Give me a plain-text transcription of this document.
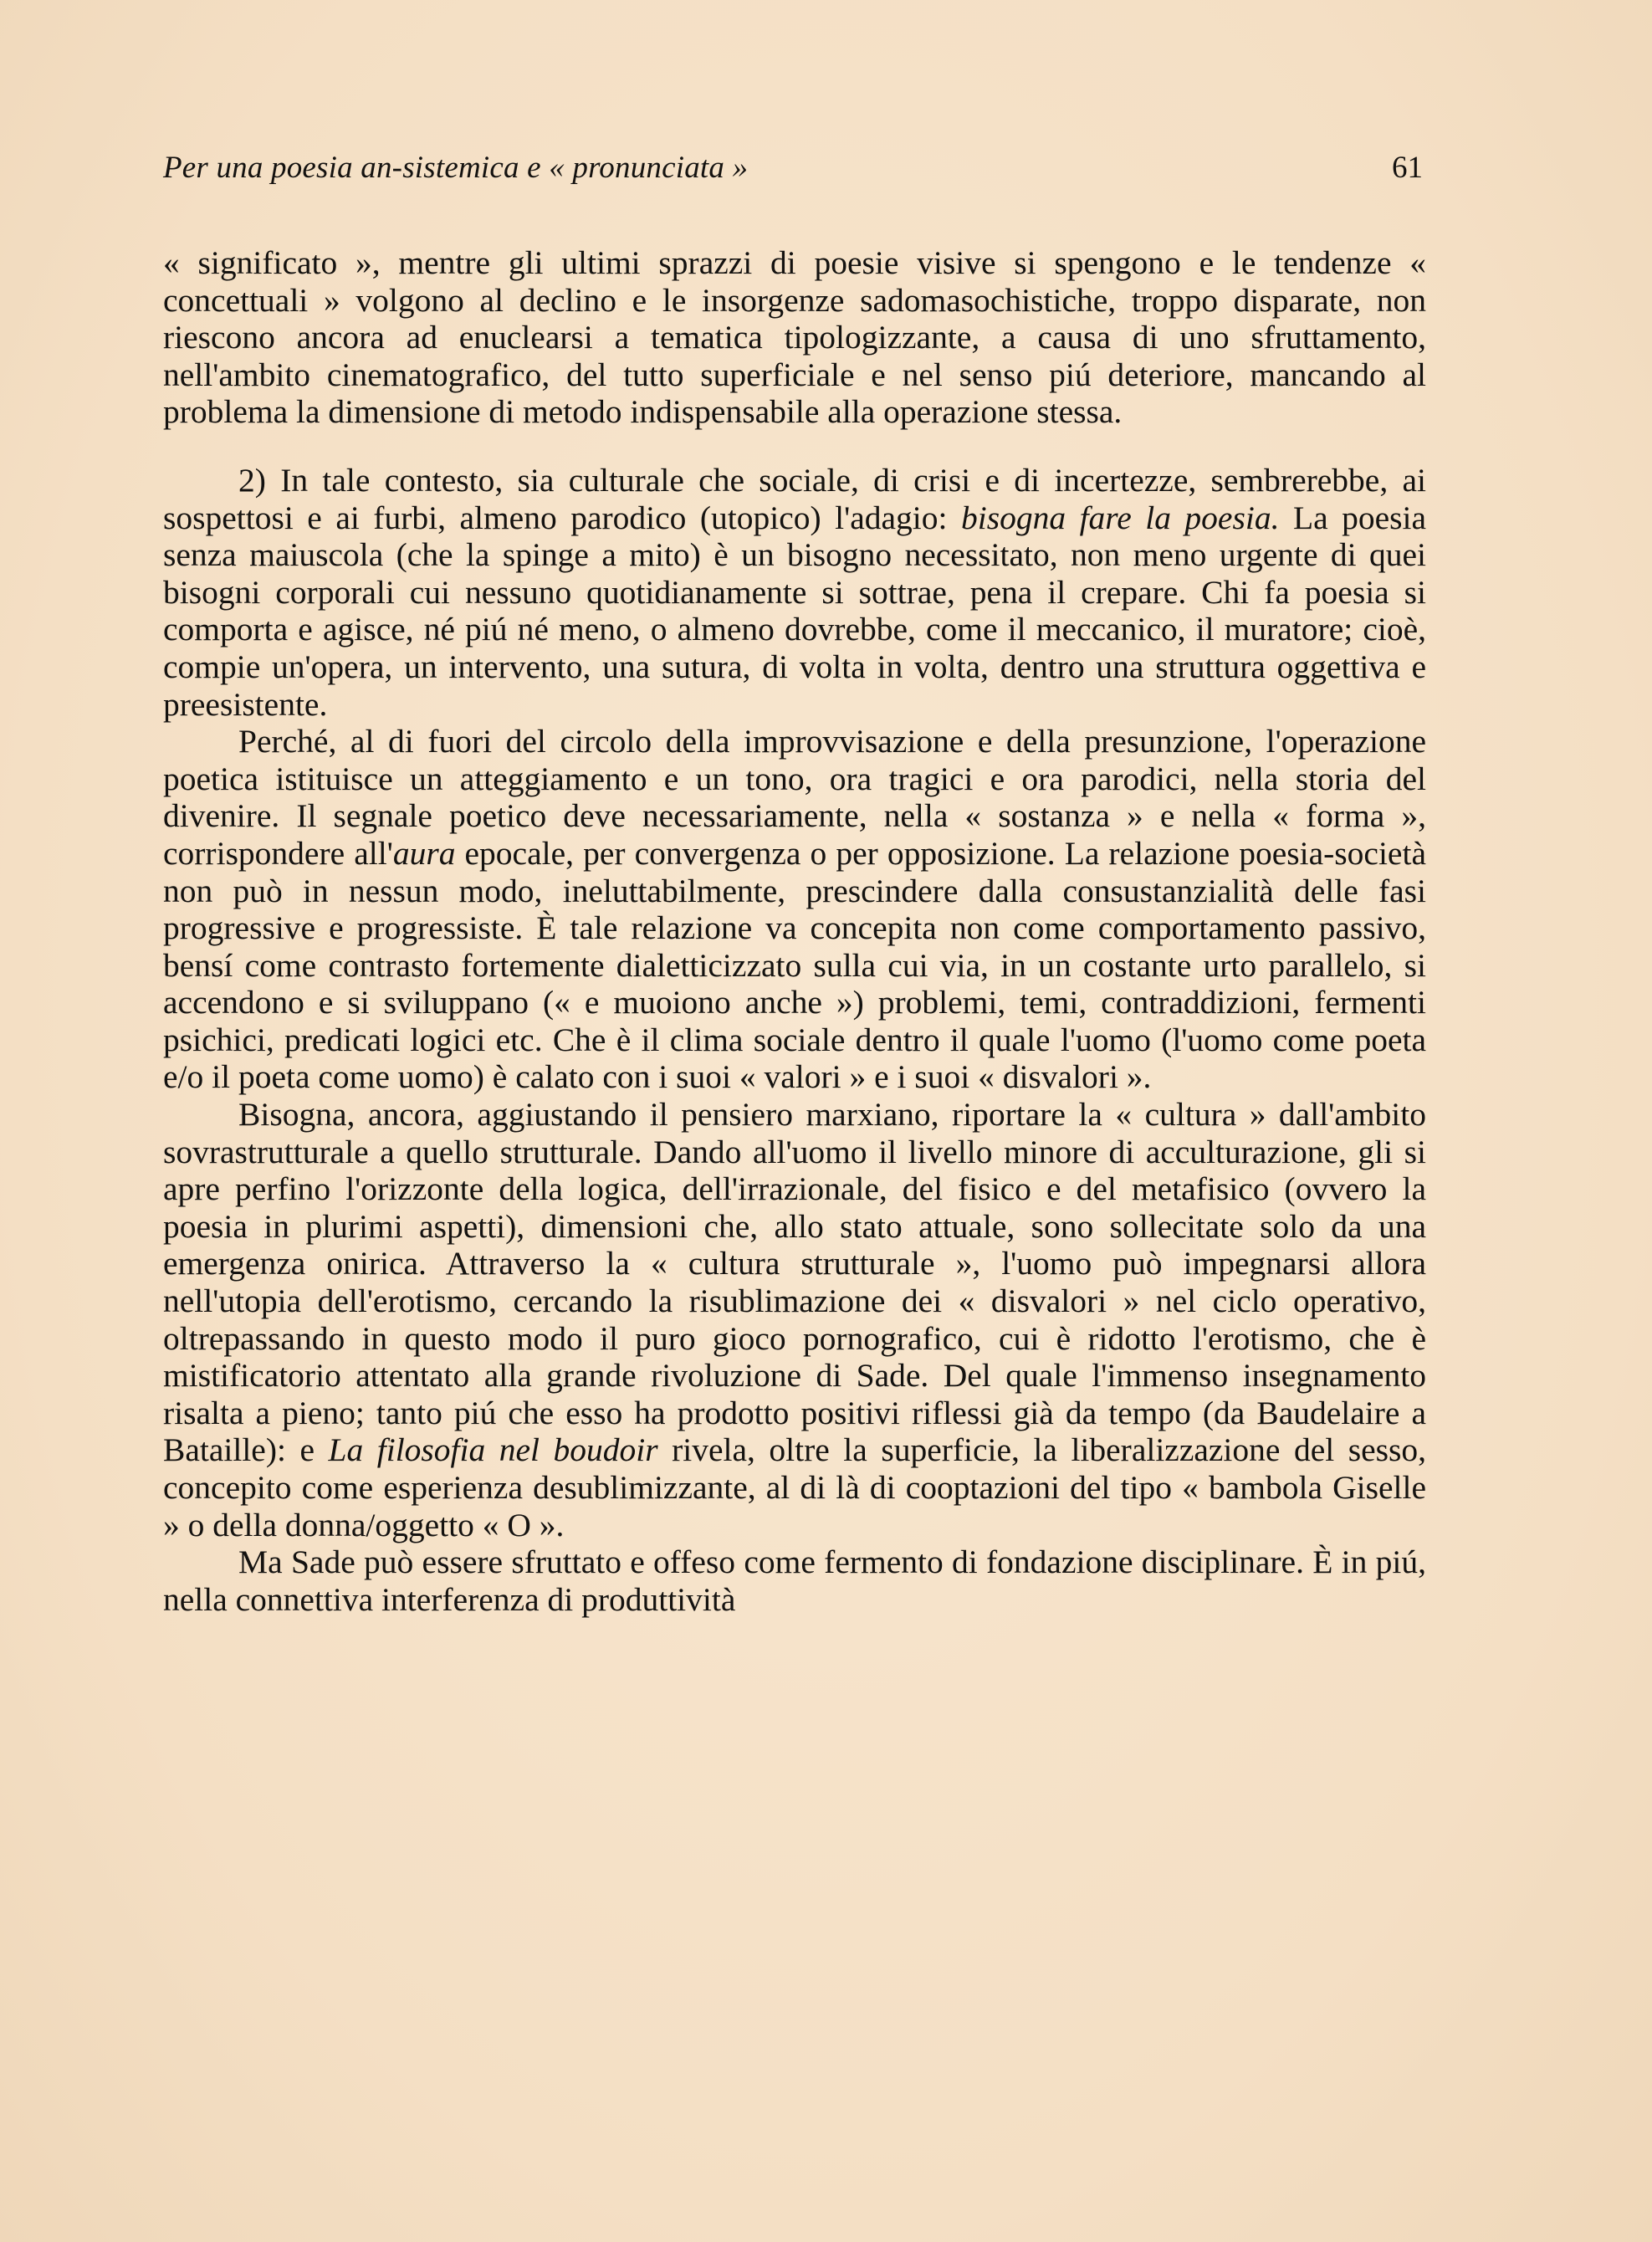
Per una poesia an-sistemica e « pronunciata »	61

« significato », mentre gli ultimi sprazzi di poesie visive si spengono e le tendenze « concettuali » volgono al declino e le insorgenze sadomasochistiche, troppo disparate, non riescono ancora ad enuclearsi a tematica tipologizzante, a causa di uno sfruttamento, nell'ambito cinematografico, del tutto superficiale e nel senso piú deteriore, mancando al problema la dimensione di metodo indispensabile alla operazione stessa.

2) In tale contesto, sia culturale che sociale, di crisi e di incertezze, sembrerebbe, ai sospettosi e ai furbi, almeno parodico (utopico) l'adagio: bisogna fare la poesia. La poesia senza maiuscola (che la spinge a mito) è un bisogno necessitato, non meno urgente di quei bisogni corporali cui nessuno quotidianamente si sottrae, pena il crepare. Chi fa poesia si comporta e agisce, né piú né meno, o almeno dovrebbe, come il meccanico, il muratore; cioè, compie un'opera, un intervento, una sutura, di volta in volta, dentro una struttura oggettiva e preesistente.

Perché, al di fuori del circolo della improvvisazione e della presunzione, l'operazione poetica istituisce un atteggiamento e un tono, ora tragici e ora parodici, nella storia del divenire. Il segnale poetico deve necessariamente, nella « sostanza » e nella « forma », corrispondere all'aura epocale, per convergenza o per opposizione. La relazione poesia-società non può in nessun modo, ineluttabilmente, prescindere dalla consustanzialità delle fasi progressive e progressiste. È tale relazione va concepita non come comportamento passivo, bensí come contrasto fortemente dialetticizzato sulla cui via, in un costante urto parallelo, si accendono e si sviluppano (« e muoiono anche ») problemi, temi, contraddizioni, fermenti psichici, predicati logici etc. Che è il clima sociale dentro il quale l'uomo (l'uomo come poeta e/o il poeta come uomo) è calato con i suoi « valori » e i suoi « disvalori ».

Bisogna, ancora, aggiustando il pensiero marxiano, riportare la « cultura » dall'ambito sovrastrutturale a quello strutturale. Dando all'uomo il livello minore di acculturazione, gli si apre perfino l'orizzonte della logica, dell'irrazionale, del fisico e del metafisico (ovvero la poesia in plurimi aspetti), dimensioni che, allo stato attuale, sono sollecitate solo da una emergenza onirica. Attraverso la « cultura strutturale », l'uomo può impegnarsi allora nell'utopia dell'erotismo, cercando la risublimazione dei « disvalori » nel ciclo operativo, oltrepassando in questo modo il puro gioco pornografico, cui è ridotto l'erotismo, che è mistificatorio attentato alla grande rivoluzione di Sade. Del quale l'immenso insegnamento risalta a pieno; tanto piú che esso ha prodotto positivi riflessi già da tempo (da Baudelaire a Bataille): e La filosofia nel boudoir rivela, oltre la superficie, la liberalizzazione del sesso, concepito come esperienza desublimizzante, al di là di cooptazioni del tipo « bambola Giselle » o della donna/oggetto « O ».

Ma Sade può essere sfruttato e offeso come fermento di fondazione disciplinare. È in piú, nella connettiva interferenza di produttività
